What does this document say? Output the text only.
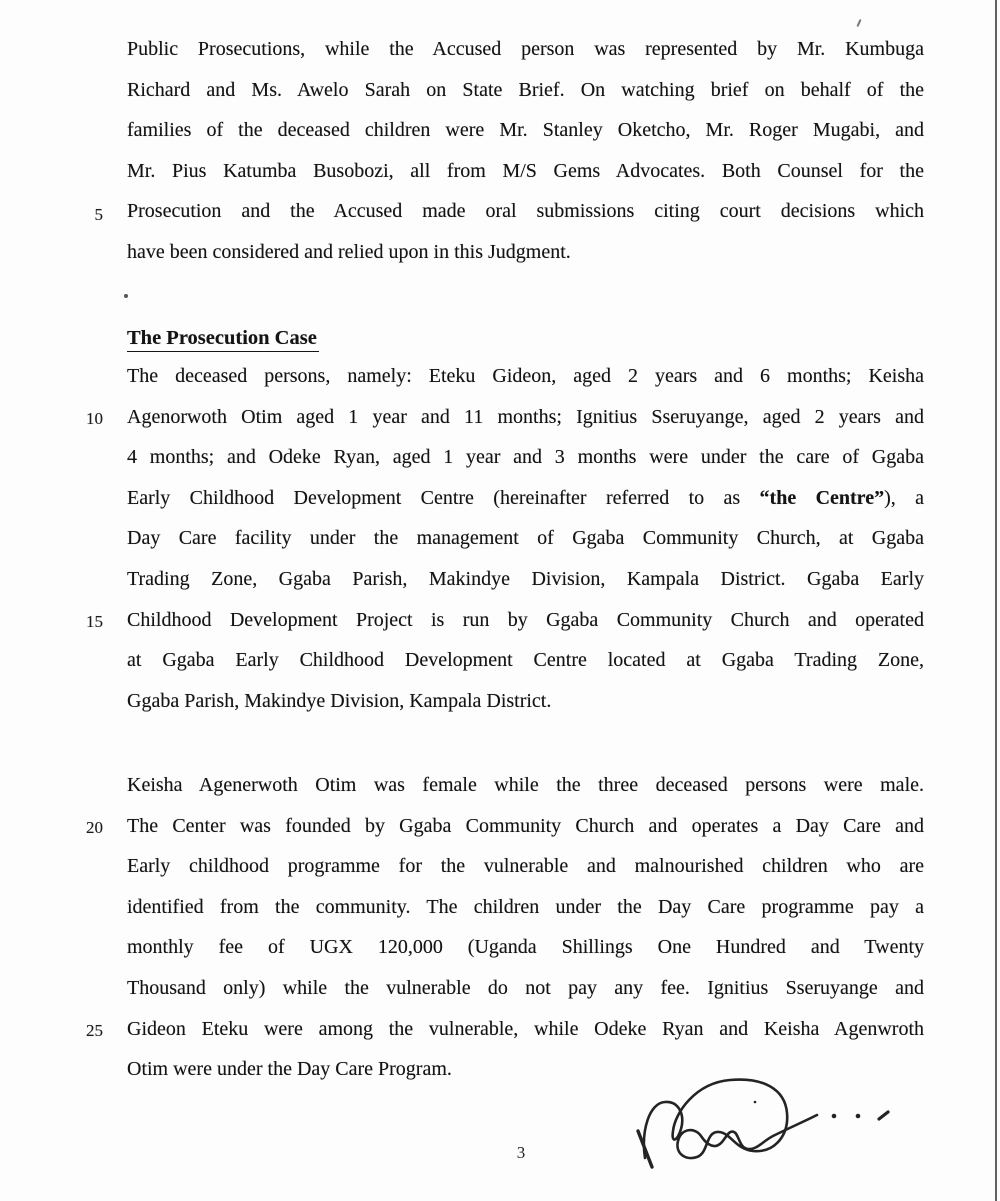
5
10
15
20
25
Public Prosecutions, while the Accused person was represented by Mr. Kumbuga
Richard and Ms. Awelo Sarah on State Brief. On watching brief on behalf of the
families of the deceased children were Mr. Stanley Oketcho, Mr. Roger Mugabi, and
Mr. Pius Katumba Busobozi, all from M/S Gems Advocates. Both Counsel for the
Prosecution and the Accused made oral submissions citing court decisions which
have been considered and relied upon in this Judgment.
The Prosecution Case
The deceased persons, namely: Eteku Gideon, aged 2 years and 6 months; Keisha
Agenorwoth Otim aged 1 year and 11 months; Ignitius Sseruyange, aged 2 years and
4 months; and Odeke Ryan, aged 1 year and 3 months were under the care of Ggaba
Early Childhood Development Centre (hereinafter referred to as “the Centre”), a
Day Care facility under the management of Ggaba Community Church, at Ggaba
Trading Zone, Ggaba Parish, Makindye Division, Kampala District. Ggaba Early
Childhood Development Project is run by Ggaba Community Church and operated
at Ggaba Early Childhood Development Centre located at Ggaba Trading Zone,
Ggaba Parish, Makindye Division, Kampala District.
Keisha Agenerwoth Otim was female while the three deceased persons were male.
The Center was founded by Ggaba Community Church and operates a Day Care and
Early childhood programme for the vulnerable and malnourished children who are
identified from the community. The children under the Day Care programme pay a
monthly fee of UGX 120,000 (Uganda Shillings One Hundred and Twenty
Thousand only) while the vulnerable do not pay any fee. Ignitius Sseruyange and
Gideon Eteku were among the vulnerable, while Odeke Ryan and Keisha Agenwroth
Otim were under the Day Care Program.
3
